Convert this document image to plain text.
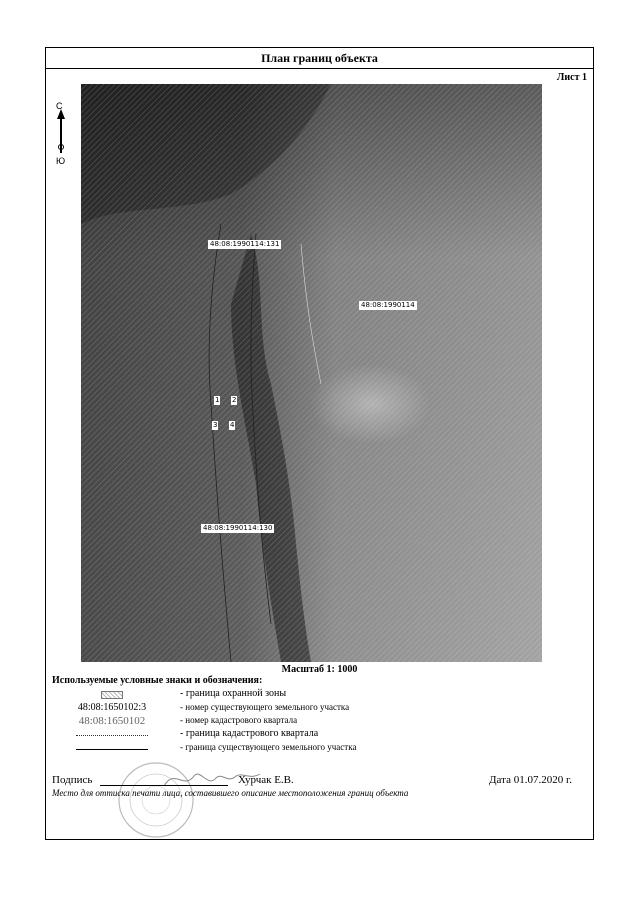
План границ объекта
Лист 1
С
Ю
48:08:1990114:131
48:08:1990114
48:08:1990114:130
1 2
3 4
Масштаб 1: 1000
Используемые условные знаки и обозначения:
- граница охранной зоны
48:08:1650102:3	- номер существующего земельного участка
48:08:1650102	- номер кадастрового квартала
- граница кадастрового квартала
- граница существующего земельного участка
Подпись	Хурчак Е.В.	Дата 01.07.2020 г.
Место для оттиска печати лица, составившего описание местоположения границ объекта
